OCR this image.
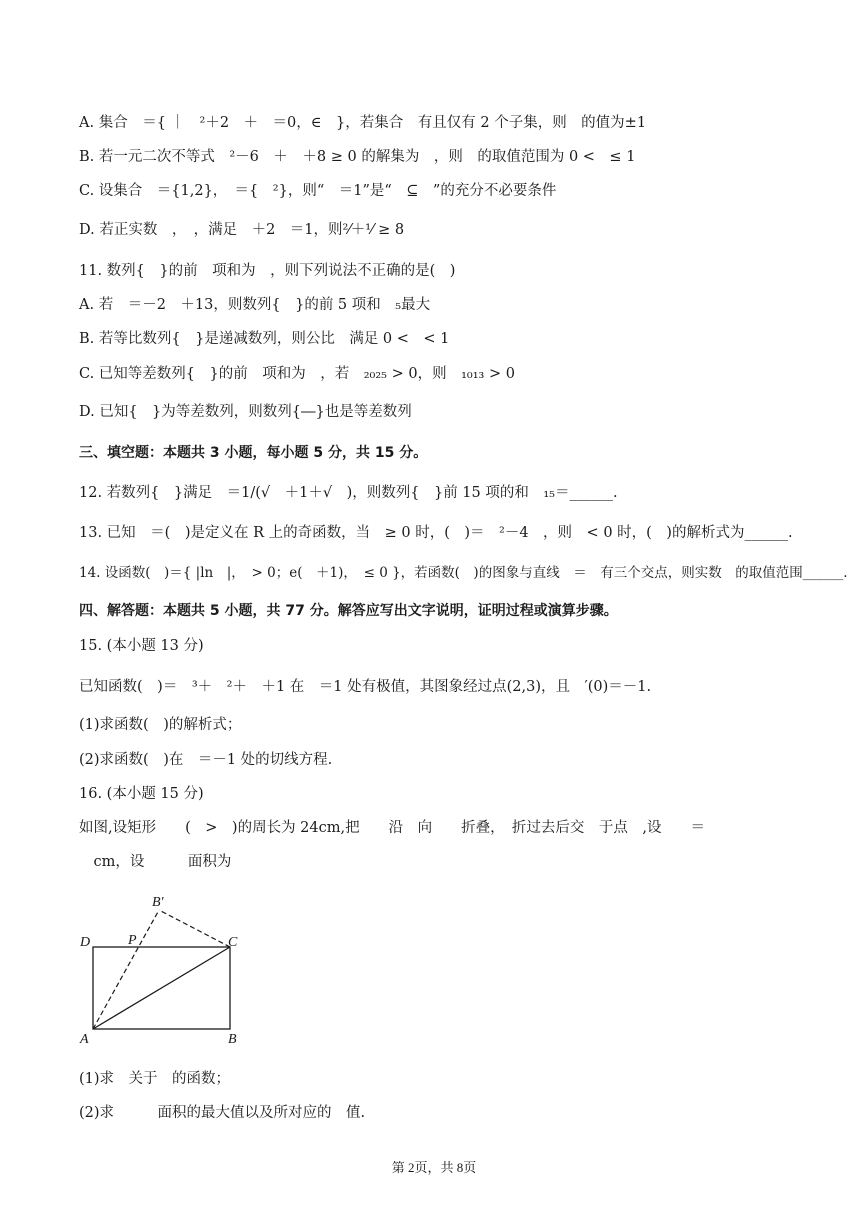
A. 集合　＝{ ｜　²＋2　＋　＝0，∈　}，若集合　有且仅有 2 个子集，则　的值为±1
B. 若一元二次不等式　²－6　＋　＋8 ≥ 0 的解集为　，则　的取值范围为 0 <　≤ 1
C. 设集合　＝{1,2}，　＝{　²}，则“　＝1”是“　⊆　”的充分不必要条件
D. 若正实数　，　，满足　＋2　＝1，则²⁄＋¹⁄ ≥ 8
11. 数列{　}的前　项和为　，则下列说法不正确的是(　)
A. 若　＝－2　＋13，则数列{　}的前 5 项和　₅最大
B. 若等比数列{　}是递减数列，则公比　满足 0 <　< 1
C. 已知等差数列{　}的前　项和为　，若　₂₀₂₅ > 0，则　₁₀₁₃ > 0
D. 已知{　}为等差数列，则数列{―}也是等差数列
三、填空题：本题共 3 小题，每小题 5 分，共 15 分。
12. 若数列{　}满足　＝1/(√　＋1＋√　)，则数列{　}前 15 项的和　₁₅＝______.
13. 已知　＝(　)是定义在 R 上的奇函数，当　≥ 0 时，(　)＝　²－4　，则　< 0 时，(　)的解析式为______.
14. 设函数(　)＝{ |ln　|，　> 0；e(　＋1)，　≤ 0 }，若函数(　)的图象与直线　＝　有三个交点，则实数　的取值范围______.
四、解答题：本题共 5 小题，共 77 分。解答应写出文字说明，证明过程或演算步骤。
15. (本小题 13 分)
已知函数(　)＝　³＋　²＋　＋1 在　＝1 处有极值，其图象经过点(2,3)，且　′(0)＝－1.
(1)求函数(　)的解析式；
(2)求函数(　)在　＝－1 处的切线方程.
16. (本小题 15 分)
如图,设矩形　　(　>　)的周长为 24cm,把　　沿　向　　折叠，　折过去后交　于点　,设　　＝
　cm，设　　　面积为
B′
D	P	C
A	B
(1)求　关于　的函数；
(2)求　　　面积的最大值以及所对应的　值.
第 2页，共 8页
